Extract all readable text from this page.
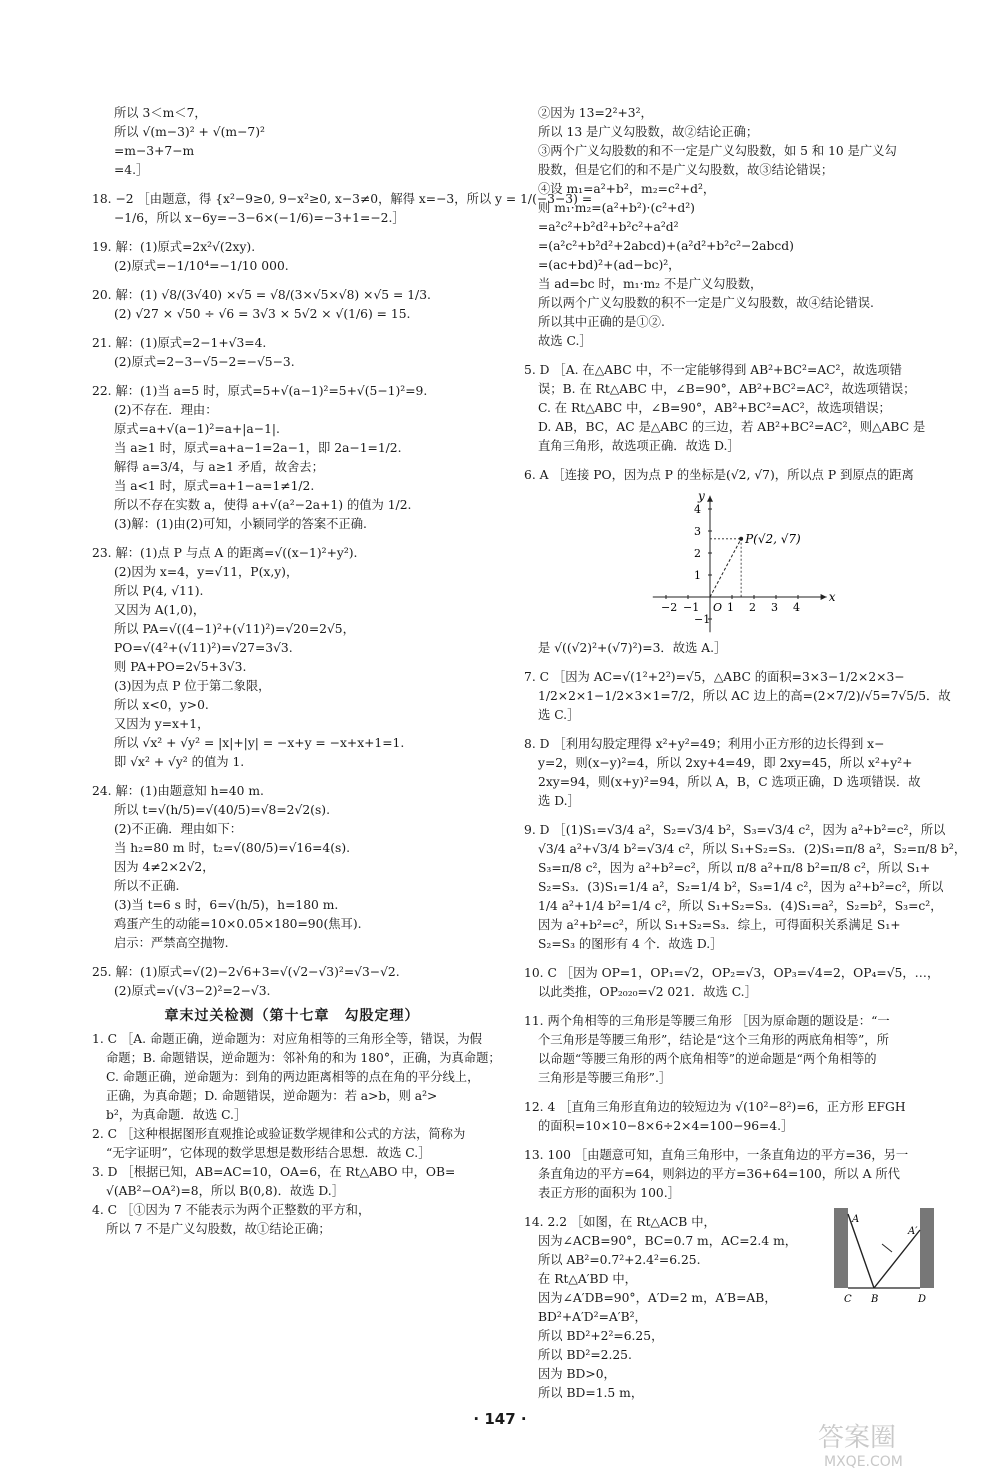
所以 3＜m＜7，
所以 √(m−3)² + √(m−7)²
=m−3+7−m
=4.］
18. −2 ［由题意，得 {x²−9≥0, 9−x²≥0, x−3≠0，解得 x=−3，所以 y = 1/(−3−3) =
−1/6，所以 x−6y=−3−6×(−1/6)=−3+1=−2.］
19. 解：(1)原式=2x²√(2xy).
(2)原式=−1/10⁴=−1/10 000.
20. 解：(1) √8/(3√40) ×√5 = √8/(3×√5×√8) ×√5 = 1/3.
(2) √27 × √50 ÷ √6 = 3√3 × 5√2 × √(1/6) = 15.
21. 解：(1)原式=2−1+√3=4.
(2)原式=2−3−√5−2=−√5−3.
22. 解：(1)当 a=5 时，原式=5+√(a−1)²=5+√(5−1)²=9.
(2)不存在．理由：
原式=a+√(a−1)²=a+|a−1|.
当 a≥1 时，原式=a+a−1=2a−1，即 2a−1=1/2.
解得 a=3/4，与 a≥1 矛盾，故舍去；
当 a<1 时，原式=a+1−a=1≠1/2.
所以不存在实数 a，使得 a+√(a²−2a+1) 的值为 1/2.
(3)解：(1)由(2)可知，小颖同学的答案不正确.
23. 解：(1)点 P 与点 A 的距离=√((x−1)²+y²).
(2)因为 x=4，y=√11，P(x,y)，
所以 P(4, √11).
又因为 A(1,0)，
所以 PA=√((4−1)²+(√11)²)=√20=2√5，
PO=√(4²+(√11)²)=√27=3√3.
则 PA+PO=2√5+3√3.
(3)因为点 P 位于第二象限，
所以 x<0，y>0.
又因为 y=x+1，
所以 √x² + √y² = |x|+|y| = −x+y = −x+x+1=1.
即 √x² + √y² 的值为 1.
24. 解：(1)由题意知 h=40 m.
所以 t=√(h/5)=√(40/5)=√8=2√2(s).
(2)不正确．理由如下：
当 h₂=80 m 时，t₂=√(80/5)=√16=4(s).
因为 4≠2×2√2，
所以不正确.
(3)当 t=6 s 时，6=√(h/5)，h=180 m.
鸡蛋产生的动能=10×0.05×180=90(焦耳).
启示：严禁高空抛物.
25. 解：(1)原式=√(2)−2√6+3=√(√2−√3)²=√3−√2.
(2)原式=√(√3−2)²=2−√3.
章末过关检测（第十七章　勾股定理）
1. C ［A. 命题正确，逆命题为：对应角相等的三角形全等，错误，为假
命题；B. 命题错误，逆命题为：邻补角的和为 180°，正确，为真命题；
C. 命题正确，逆命题为：到角的两边距离相等的点在角的平分线上，
正确，为真命题；D. 命题错误，逆命题为：若 a>b，则 a²>
b²，为真命题．故选 C.］
2. C ［这种根据图形直观推论或验证数学规律和公式的方法，简称为
“无字证明”，它体现的数学思想是数形结合思想．故选 C.］
3. D ［根据已知，AB=AC=10，OA=6，在 Rt△ABO 中，OB=
√(AB²−OA²)=8，所以 B(0,8)．故选 D.］
4. C ［①因为 7 不能表示为两个正整数的平方和，
所以 7 不是广义勾股数，故①结论正确；
②因为 13=2²+3²，
所以 13 是广义勾股数，故②结论正确；
③两个广义勾股数的和不一定是广义勾股数，如 5 和 10 是广义勾
股数，但是它们的和不是广义勾股数，故③结论错误；
④设 m₁=a²+b²，m₂=c²+d²，
则 m₁·m₂=(a²+b²)·(c²+d²)
=a²c²+b²d²+b²c²+a²d²
=(a²c²+b²d²+2abcd)+(a²d²+b²c²−2abcd)
=(ac+bd)²+(ad−bc)²，
当 ad=bc 时，m₁·m₂ 不是广义勾股数，
所以两个广义勾股数的积不一定是广义勾股数，故④结论错误.
所以其中正确的是①②.
故选 C.］
5. D ［A. 在△ABC 中，不一定能够得到 AB²+BC²=AC²，故选项错
误；B. 在 Rt△ABC 中，∠B=90°，AB²+BC²=AC²，故选项错误；
C. 在 Rt△ABC 中，∠B=90°，AB²+BC²=AC²，故选项错误；
D. AB，BC，AC 是△ABC 的三边，若 AB²+BC²=AC²，则△ABC 是
直角三角形，故选项正确．故选 D.］
6. A ［连接 PO，因为点 P 的坐标是(√2, √7)，所以点 P 到原点的距离
−2 −1	1 2 3 4
4
3
2
1
−1
O
x
y
P(√2, √7)
是 √((√2)²+(√7)²)=3．故选 A.］
7. C ［因为 AC=√(1²+2²)=√5，△ABC 的面积=3×3−1/2×2×3−
1/2×2×1−1/2×3×1=7/2，所以 AC 边上的高=(2×7/2)/√5=7√5/5．故
选 C.］
8. D ［利用勾股定理得 x²+y²=49；利用小正方形的边长得到 x−
y=2，则(x−y)²=4，所以 2xy+4=49，即 2xy=45，所以 x²+y²+
2xy=94，则(x+y)²=94，所以 A，B，C 选项正确，D 选项错误．故
选 D.］
9. D ［(1)S₁=√3/4 a²，S₂=√3/4 b²，S₃=√3/4 c²，因为 a²+b²=c²，所以
√3/4 a²+√3/4 b²=√3/4 c²，所以 S₁+S₂=S₃．(2)S₁=π/8 a²，S₂=π/8 b²，
S₃=π/8 c²，因为 a²+b²=c²，所以 π/8 a²+π/8 b²=π/8 c²，所以 S₁+
S₂=S₃．(3)S₁=1/4 a²，S₂=1/4 b²，S₃=1/4 c²，因为 a²+b²=c²，所以
1/4 a²+1/4 b²=1/4 c²，所以 S₁+S₂=S₃．(4)S₁=a²，S₂=b²，S₃=c²，
因为 a²+b²=c²，所以 S₁+S₂=S₃．综上，可得面积关系满足 S₁+
S₂=S₃ 的图形有 4 个．故选 D.］
10. C ［因为 OP=1，OP₁=√2，OP₂=√3，OP₃=√4=2，OP₄=√5，…，
以此类推，OP₂₀₂₀=√2 021．故选 C.］
11. 两个角相等的三角形是等腰三角形 ［因为原命题的题设是：“一
个三角形是等腰三角形”，结论是“这个三角形的两底角相等”，所
以命题“等腰三角形的两个底角相等”的逆命题是“两个角相等的
三角形是等腰三角形”.］
12. 4 ［直角三角形直角边的较短边为 √(10²−8²)=6，正方形 EFGH
的面积=10×10−8×6÷2×4=100−96=4.］
13. 100 ［由题意可知，直角三角形中，一条直角边的平方=36，另一
条直角边的平方=64，则斜边的平方=36+64=100，所以 A 所代
表正方形的面积为 100.］
14. 2.2 ［如图，在 Rt△ACB 中，
因为∠ACB=90°，BC=0.7 m，AC=2.4 m，
所以 AB²=0.7²+2.4²=6.25.
在 Rt△A′BD 中，
因为∠A′DB=90°，A′D=2 m，A′B=AB，
BD²+A′D²=A′B²，
所以 BD²+2²=6.25，
所以 BD²=2.25.
因为 BD>0，
所以 BD=1.5 m，
A
A′
C B	D
· 147 ·
答案圈
MXQE.COM
